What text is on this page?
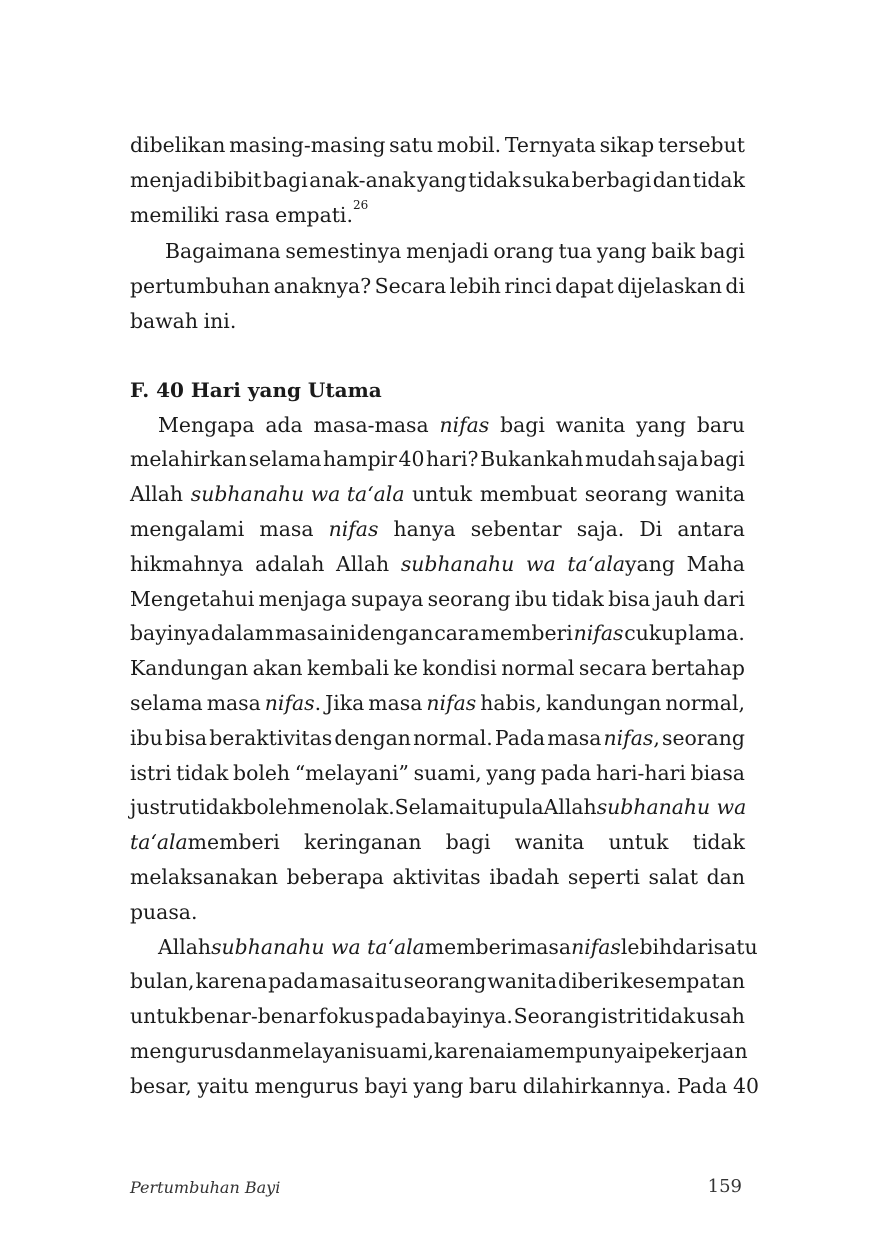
dibelikan masing-masing satu mobil. Ternyata sikap tersebut
menjadi bibit bagi anak-anak yang tidak suka berbagi dan tidak
memiliki rasa empati.$^{26}$
Bagaimana semestinya menjadi orang tua yang baik bagi
pertumbuhan anaknya? Secara lebih rinci dapat dijelaskan di
bawah ini.
F. 40 Hari yang Utama
Mengapa ada masa-masa nifas bagi wanita yang baru
melahirkan selama hampir 40 hari? Bukankah mudah saja bagi
Allah subhanahu wa ta‘ala untuk membuat seorang wanita
mengalami masa nifas hanya sebentar saja. Di antara
hikmahnya adalah Allah subhanahu wa ta‘alayang Maha
Mengetahui menjaga supaya seorang ibu tidak bisa jauh dari
bayinya dalam masa ini dengan cara memberi nifas cukup lama.
Kandungan akan kembali ke kondisi normal secara bertahap
selama masa nifas. Jika masa nifas habis, kandungan normal,
ibu bisa beraktivitas dengan normal. Pada masa nifas, seorang
istri tidak boleh “melayani” suami, yang pada hari-hari biasa
justru tidak boleh menolak. Selama itu pula Allah subhanahu wa
ta‘alamemberi keringanan bagi wanita untuk tidak
melaksanakan beberapa aktivitas ibadah seperti salat dan
puasa.
Allah subhanahu wa ta‘alamemberi masa nifas lebih dari satu
bulan, karena pada masa itu seorang wanita diberi kesempatan
untuk benar-benar fokus pada bayinya. Seorang istri tidak usah
mengurus dan melayani suami, karena ia mempunyai pekerjaan
besar, yaitu mengurus bayi yang baru dilahirkannya. Pada 40
Pertumbuhan Bayi	159
